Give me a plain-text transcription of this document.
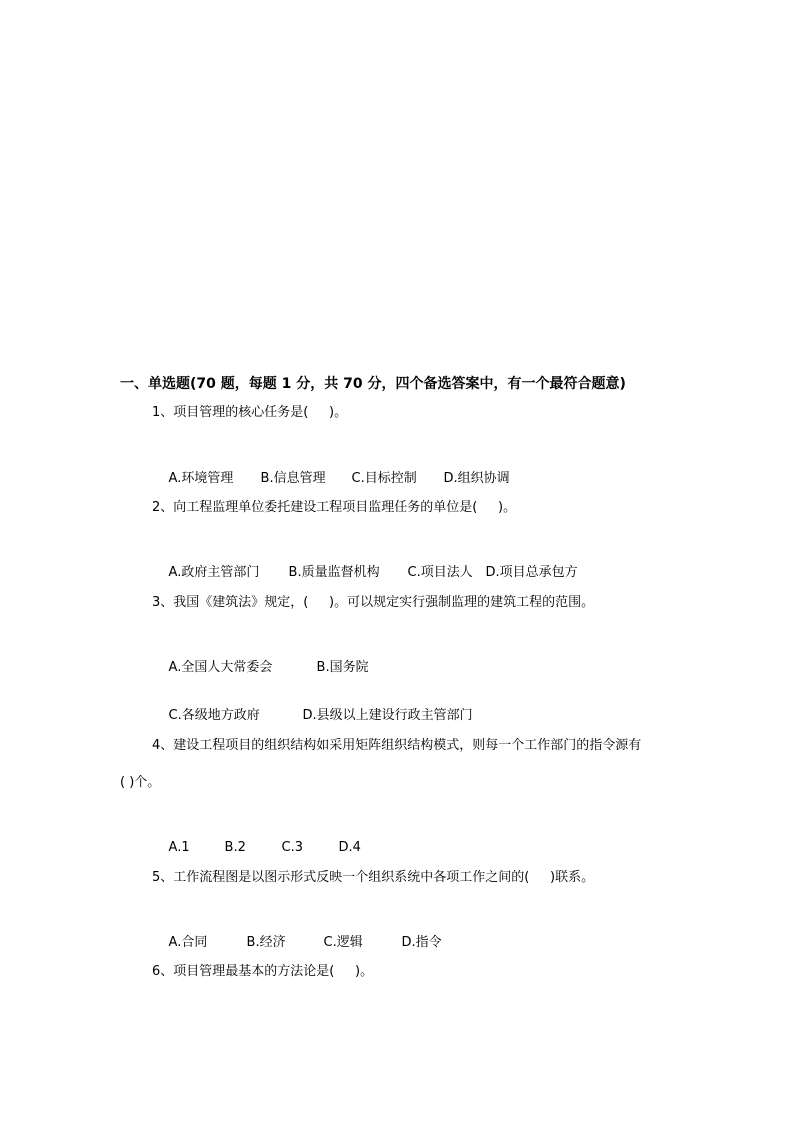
一、单选题(70 题，每题 1 分，共 70 分，四个备选答案中，有一个最符合题意)
1、项目管理的核心任务是(     )。

A.环境管理 B.信息管理 C.目标控制 D.组织协调

2、向工程监理单位委托建设工程项目监理任务的单位是(     )。

A.政府主管部门 B.质量监督机构 C.项目法人 D.项目总承包方

3、我国《建筑法》规定，(     )。可以规定实行强制监理的建筑工程的范围。

A.全国人大常委会	B.国务院

C.各级地方政府	D.县级以上建设行政主管部门

4、建设工程项目的组织结构如采用矩阵组织结构模式，则每一个工作部门的指令源有
( )个。

A.1	B.2	C.3	D.4

5、工作流程图是以图示形式反映一个组织系统中各项工作之间的(     )联系。

A.合同	B.经济	C.逻辑	D.指令

6、项目管理最基本的方法论是(     )。
